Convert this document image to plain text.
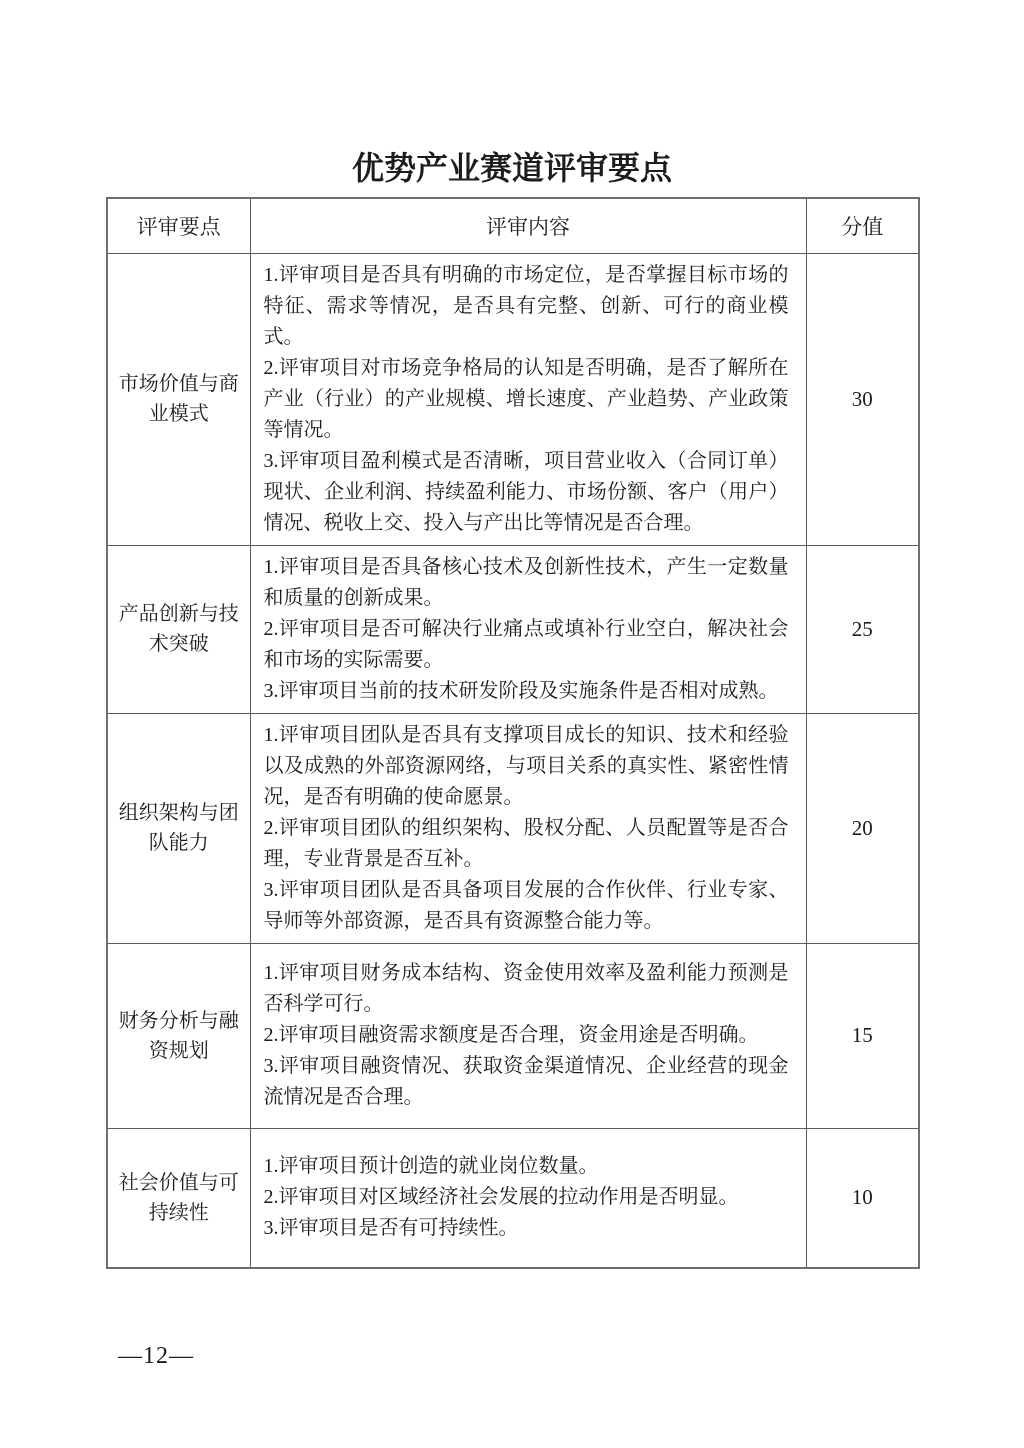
优势产业赛道评审要点
评审要点	评审内容	分值
市场价值与商业模式	1.评审项目是否具有明确的市场定位，是否掌握目标市场的特征、需求等情况，是否具有完整、创新、可行的商业模式。

2.评审项目对市场竞争格局的认知是否明确，是否了解所在产业（行业）的产业规模、增长速度、产业趋势、产业政策等情况。

3.评审项目盈利模式是否清晰，项目营业收入（合同订单）现状、企业利润、持续盈利能力、市场份额、客户（用户）情况、税收上交、投入与产出比等情况是否合理。	30
产品创新与技术突破	1.评审项目是否具备核心技术及创新性技术，产生一定数量和质量的创新成果。

2.评审项目是否可解决行业痛点或填补行业空白，解决社会和市场的实际需要。

3.评审项目当前的技术研发阶段及实施条件是否相对成熟。	25
组织架构与团队能力	1.评审项目团队是否具有支撑项目成长的知识、技术和经验以及成熟的外部资源网络，与项目关系的真实性、紧密性情况，是否有明确的使命愿景。

2.评审项目团队的组织架构、股权分配、人员配置等是否合理，专业背景是否互补。

3.评审项目团队是否具备项目发展的合作伙伴、行业专家、导师等外部资源，是否具有资源整合能力等。	20
财务分析与融资规划	1.评审项目财务成本结构、资金使用效率及盈利能力预测是否科学可行。

2.评审项目融资需求额度是否合理，资金用途是否明确。

3.评审项目融资情况、获取资金渠道情况、企业经营的现金流情况是否合理。	15
社会价值与可持续性	1.评审项目预计创造的就业岗位数量。

2.评审项目对区域经济社会发展的拉动作用是否明显。

3.评审项目是否有可持续性。	10
—12—
